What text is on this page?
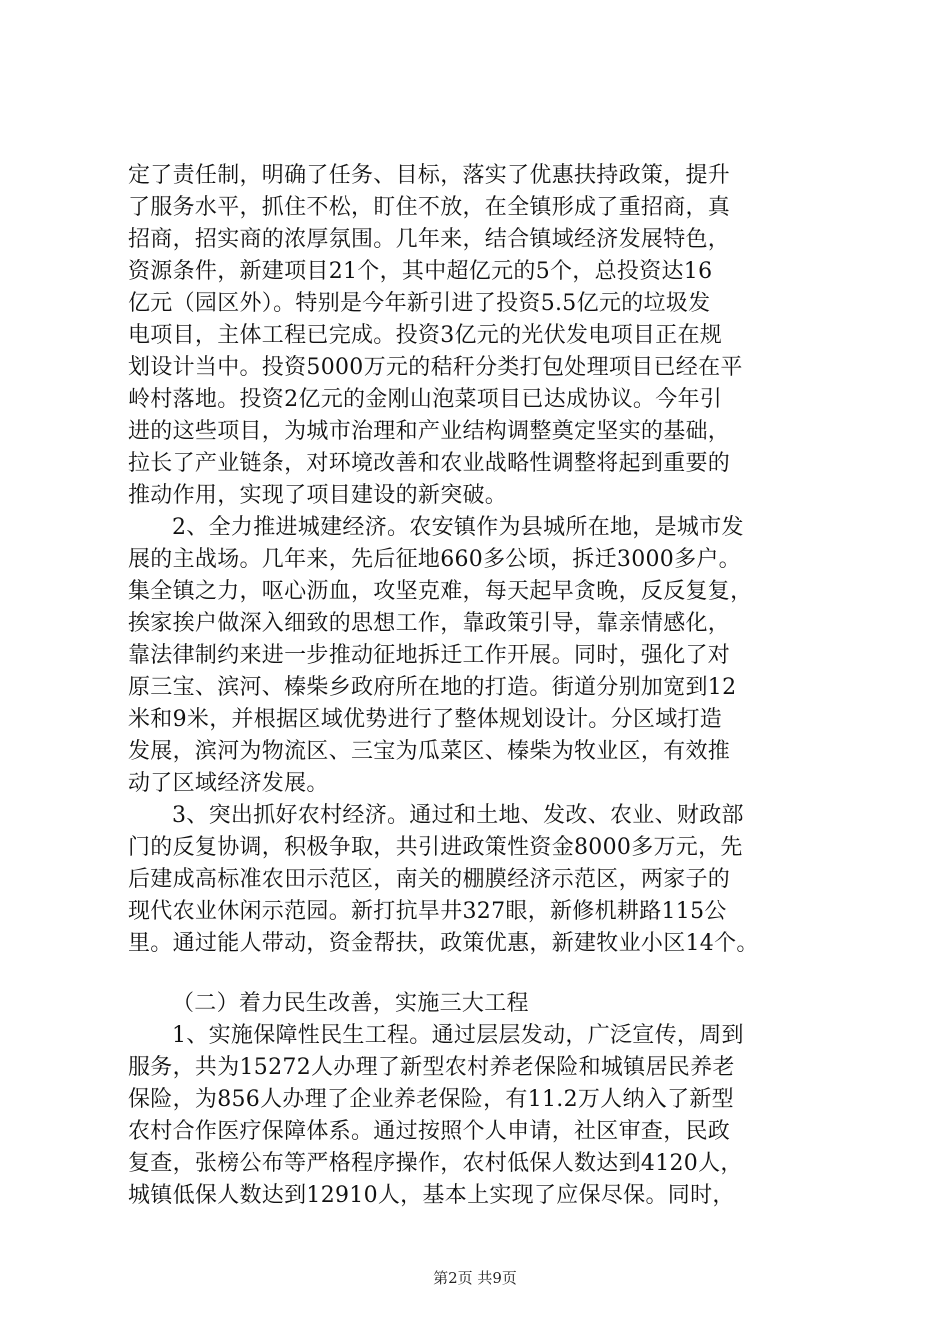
定了责任制，明确了任务、目标，落实了优惠扶持政策，提升
了服务水平，抓住不松，盯住不放，在全镇形成了重招商，真
招商，招实商的浓厚氛围。几年来，结合镇域经济发展特色，
资源条件，新建项目21个，其中超亿元的5个，总投资达16
亿元（园区外）。特别是今年新引进了投资5.5亿元的垃圾发
电项目，主体工程已完成。投资3亿元的光伏发电项目正在规
划设计当中。投资5000万元的秸秆分类打包处理项目已经在平
岭村落地。投资2亿元的金刚山泡菜项目已达成协议。今年引
进的这些项目，为城市治理和产业结构调整奠定坚实的基础，
拉长了产业链条，对环境改善和农业战略性调整将起到重要的
推动作用，实现了项目建设的新突破。
2、全力推进城建经济。农安镇作为县城所在地，是城市发
展的主战场。几年来，先后征地660多公顷，拆迁3000多户。
集全镇之力，呕心沥血，攻坚克难，每天起早贪晚，反反复复，
挨家挨户做深入细致的思想工作，靠政策引导，靠亲情感化，
靠法律制约来进一步推动征地拆迁工作开展。同时，强化了对
原三宝、滨河、榛柴乡政府所在地的打造。街道分别加宽到12
米和9米，并根据区域优势进行了整体规划设计。分区域打造
发展，滨河为物流区、三宝为瓜菜区、榛柴为牧业区，有效推
动了区域经济发展。
3、突出抓好农村经济。通过和土地、发改、农业、财政部
门的反复协调，积极争取，共引进政策性资金8000多万元，先
后建成高标准农田示范区，南关的棚膜经济示范区，两家子的
现代农业休闲示范园。新打抗旱井327眼，新修机耕路115公
里。通过能人带动，资金帮扶，政策优惠，新建牧业小区14个。
（二）着力民生改善，实施三大工程
1、实施保障性民生工程。通过层层发动，广泛宣传，周到
服务，共为15272人办理了新型农村养老保险和城镇居民养老
保险，为856人办理了企业养老保险，有11.2万人纳入了新型
农村合作医疗保障体系。通过按照个人申请，社区审查，民政
复查，张榜公布等严格程序操作，农村低保人数达到4120人，
城镇低保人数达到12910人，基本上实现了应保尽保。同时，
第2页 共9页
